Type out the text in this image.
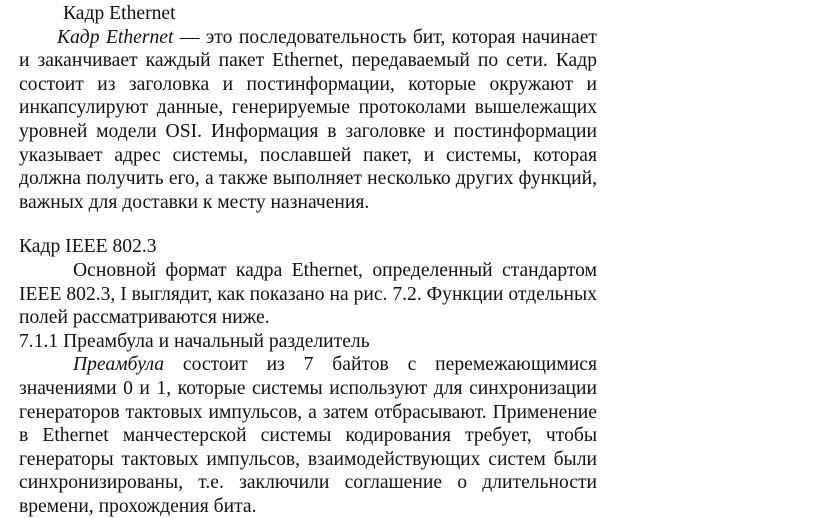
Кадр Ethernet

Кадр Ethernet — это последовательность бит, которая начинает и заканчивает каждый пакет Ethernet, передаваемый по сети. Кадр состоит из заголовка и постинформации, которые окружают и инкапсулируют данные, генерируемые протоколами вышележащих уровней модели OSI. Информация в заголовке и постинформации указывает адрес системы, пославшей пакет, и системы, которая должна получить его, а также выполняет несколько других функций, важных для доставки к месту назначения.

Кадр IEEE 802.3

Основной формат кадра Ethernet, определенный стандартом IEEE 802.3, I выглядит, как показано на рис. 7.2. Функции отдельных полей рассматриваются ниже.

7.1.1 Преамбула и начальный разделитель

Преамбула состоит из 7 байтов с перемежающимися значениями 0 и 1, которые системы используют для синхронизации генераторов тактовых импульсов, а затем отбрасывают. Применение в Ethernet манчестерской системы кодирования требует, чтобы генераторы тактовых импульсов, взаимодействующих систем были синхронизированы, т.е. заключили соглашение о длительности времени, прохождения бита.
